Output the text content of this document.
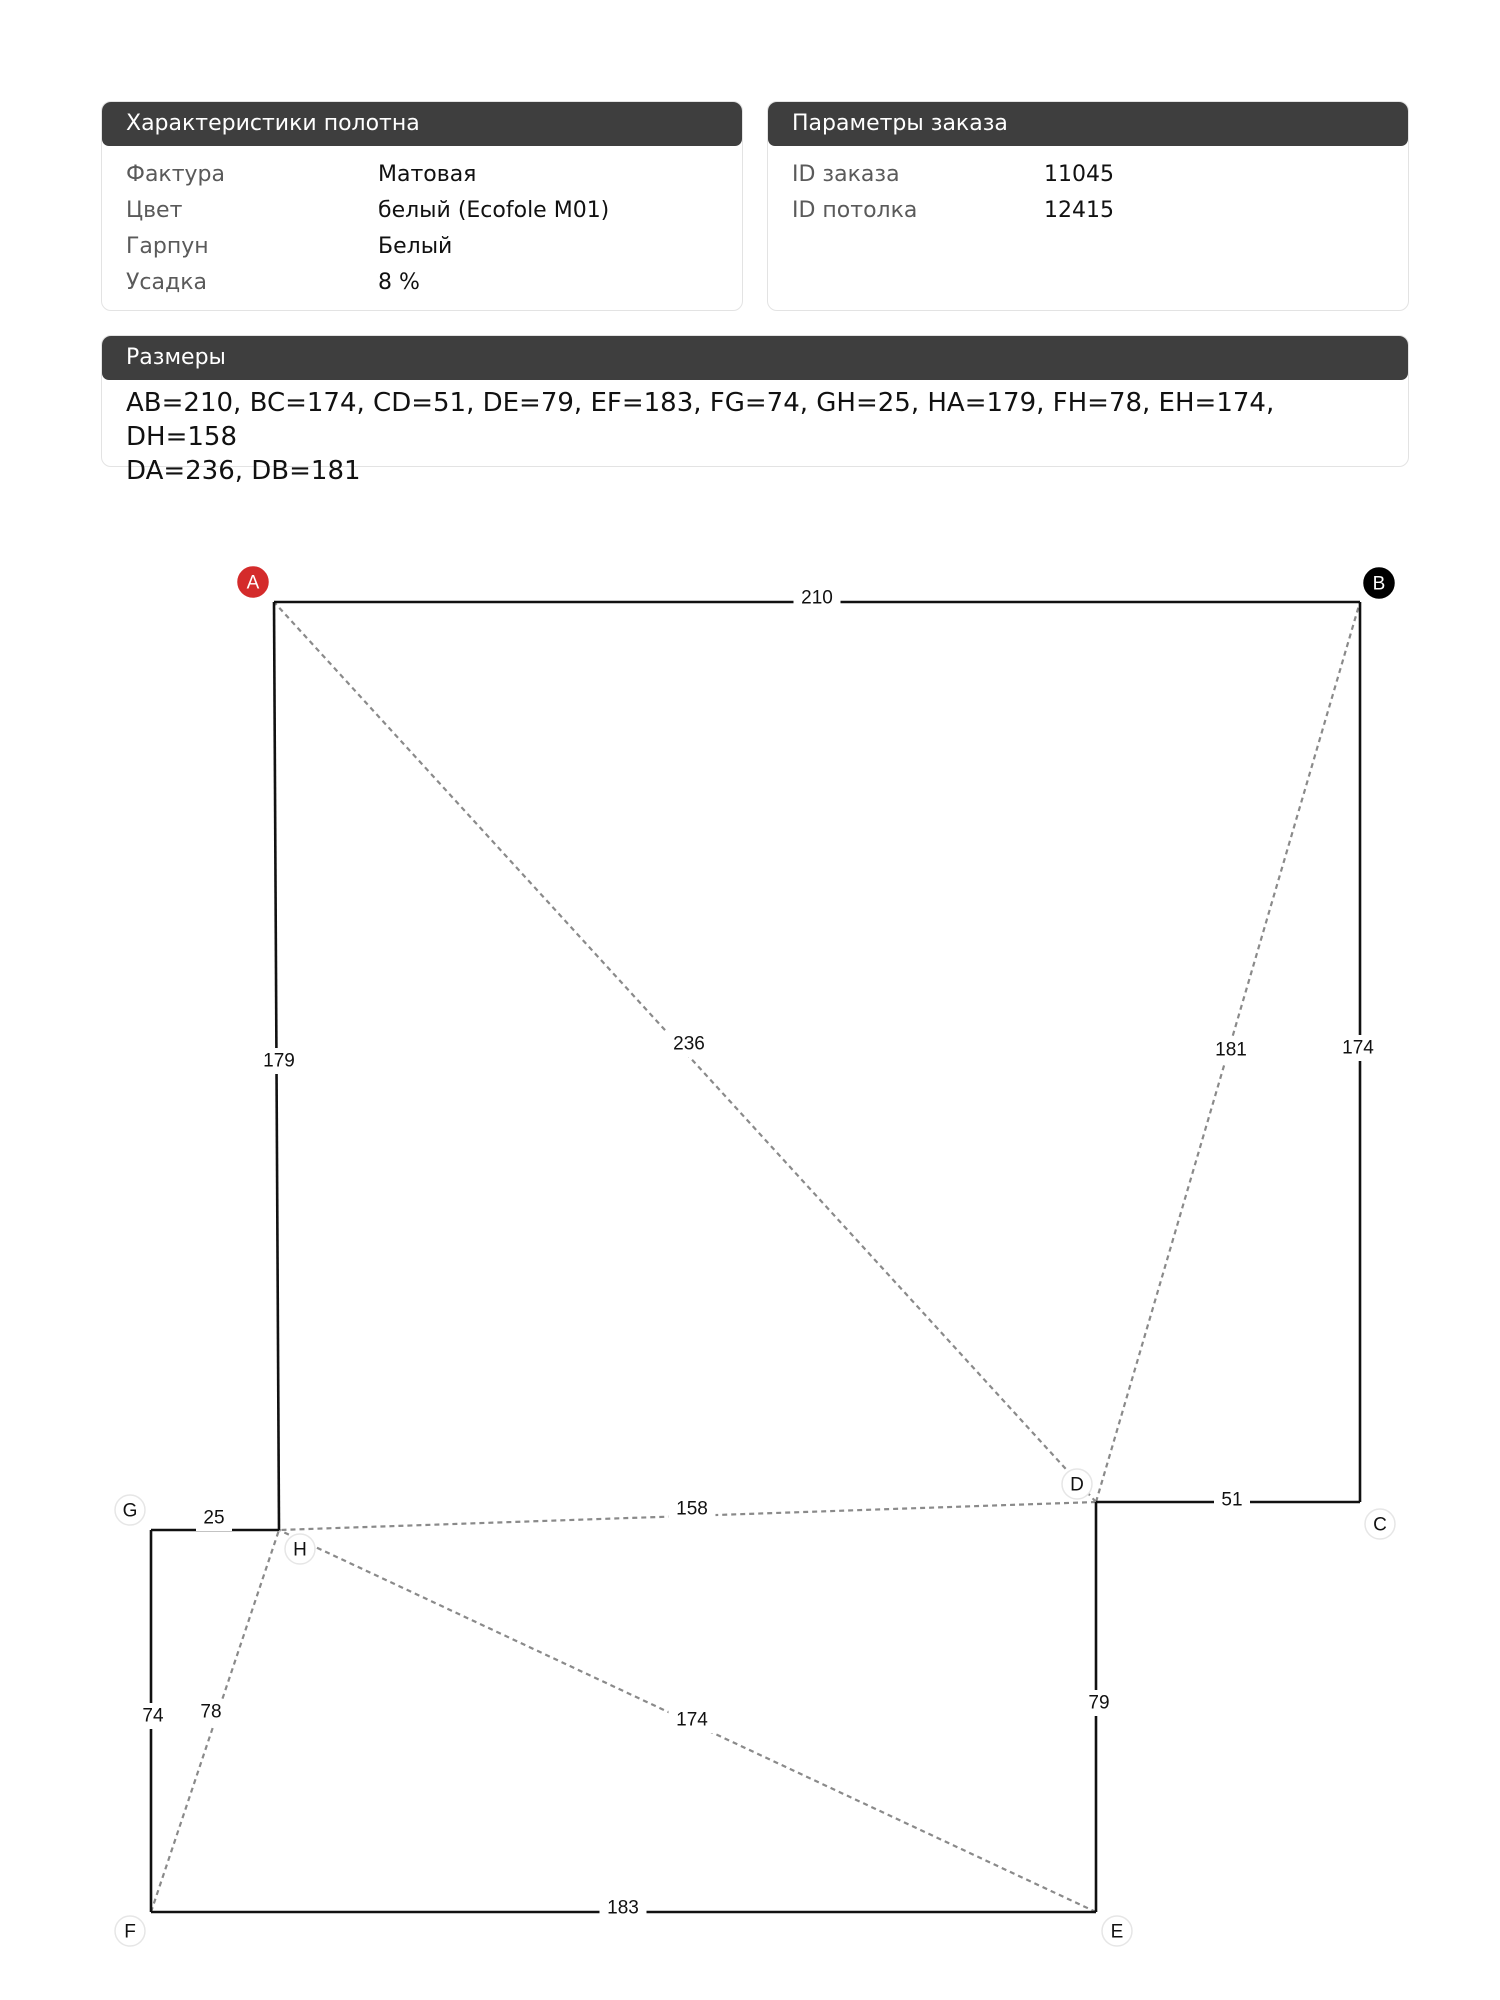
Характеристики полотна
Фактура	Матовая
Цвет	белый (Ecofole M01)
Гарпун	Белый
Усадка	8 %
Параметры заказа
ID заказа	11045
ID потолка	12415
Размеры
AB=210, BC=174, CD=51, DE=79, EF=183, FG=74, GH=25, HA=179, FH=78, EH=174, DH=158
DA=236, DB=181
236	181
158
174
78
210
174
51
79
183
74
25
179
A	B
C
D
E
F
G
H
